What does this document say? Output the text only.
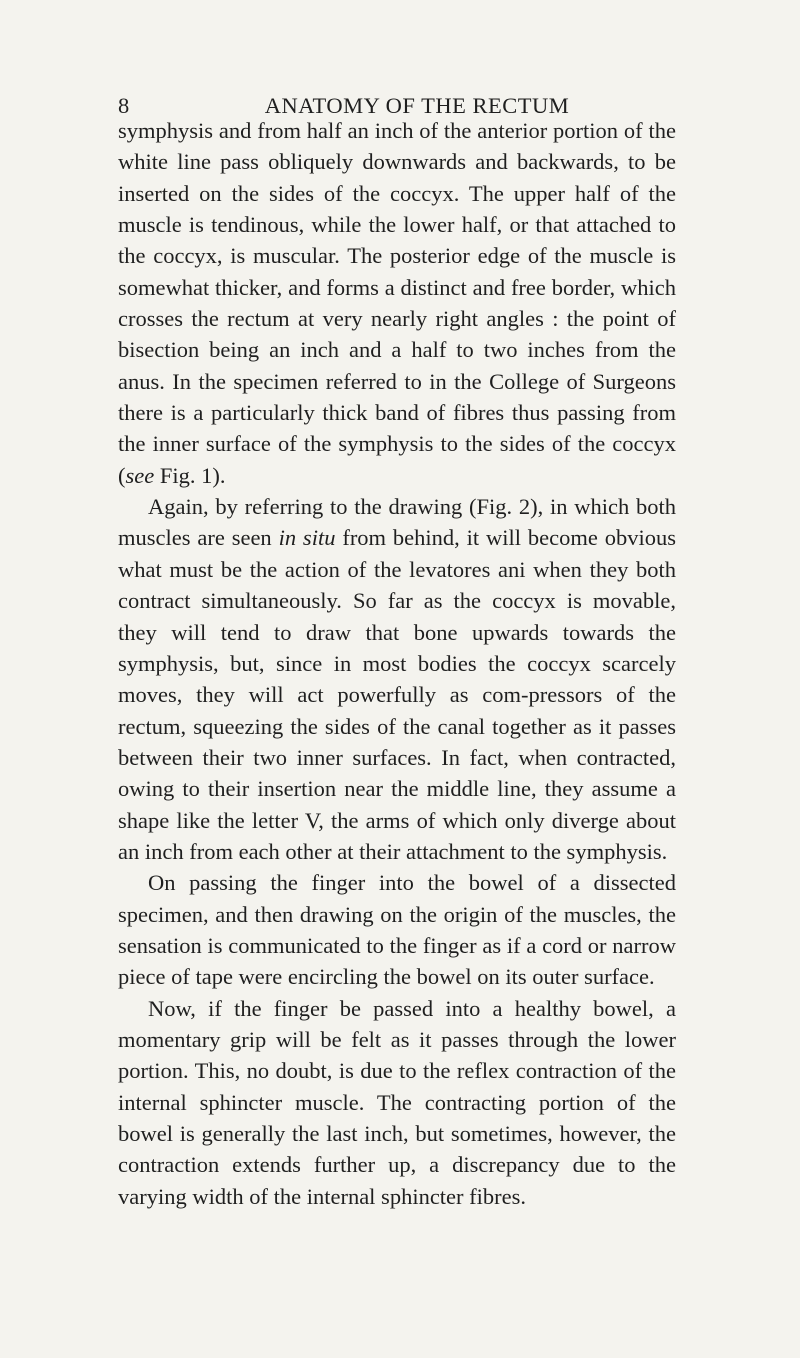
8	ANATOMY OF THE RECTUM

symphysis and from half an inch of the anterior portion of the white line pass obliquely downwards and backwards, to be inserted on the sides of the coccyx. The upper half of the muscle is tendinous, while the lower half, or that attached to the coccyx, is muscular. The posterior edge of the muscle is somewhat thicker, and forms a distinct and free border, which crosses the rectum at very nearly right angles : the point of bisection being an inch and a half to two inches from the anus. In the specimen referred to in the College of Surgeons there is a particularly thick band of fibres thus passing from the inner surface of the symphysis to the sides of the coccyx (see Fig. 1).

Again, by referring to the drawing (Fig. 2), in which both muscles are seen in situ from behind, it will become obvious what must be the action of the levatores ani when they both contract simultaneously. So far as the coccyx is movable, they will tend to draw that bone upwards towards the symphysis, but, since in most bodies the coccyx scarcely moves, they will act powerfully as com-pressors of the rectum, squeezing the sides of the canal together as it passes between their two inner surfaces. In fact, when contracted, owing to their insertion near the middle line, they assume a shape like the letter V, the arms of which only diverge about an inch from each other at their attachment to the symphysis.

On passing the finger into the bowel of a dissected specimen, and then drawing on the origin of the muscles, the sensation is communicated to the finger as if a cord or narrow piece of tape were encircling the bowel on its outer surface.

Now, if the finger be passed into a healthy bowel, a momentary grip will be felt as it passes through the lower portion. This, no doubt, is due to the reflex contraction of the internal sphincter muscle. The contracting portion of the bowel is generally the last inch, but sometimes, however, the contraction extends further up, a discrepancy due to the varying width of the internal sphincter fibres.
